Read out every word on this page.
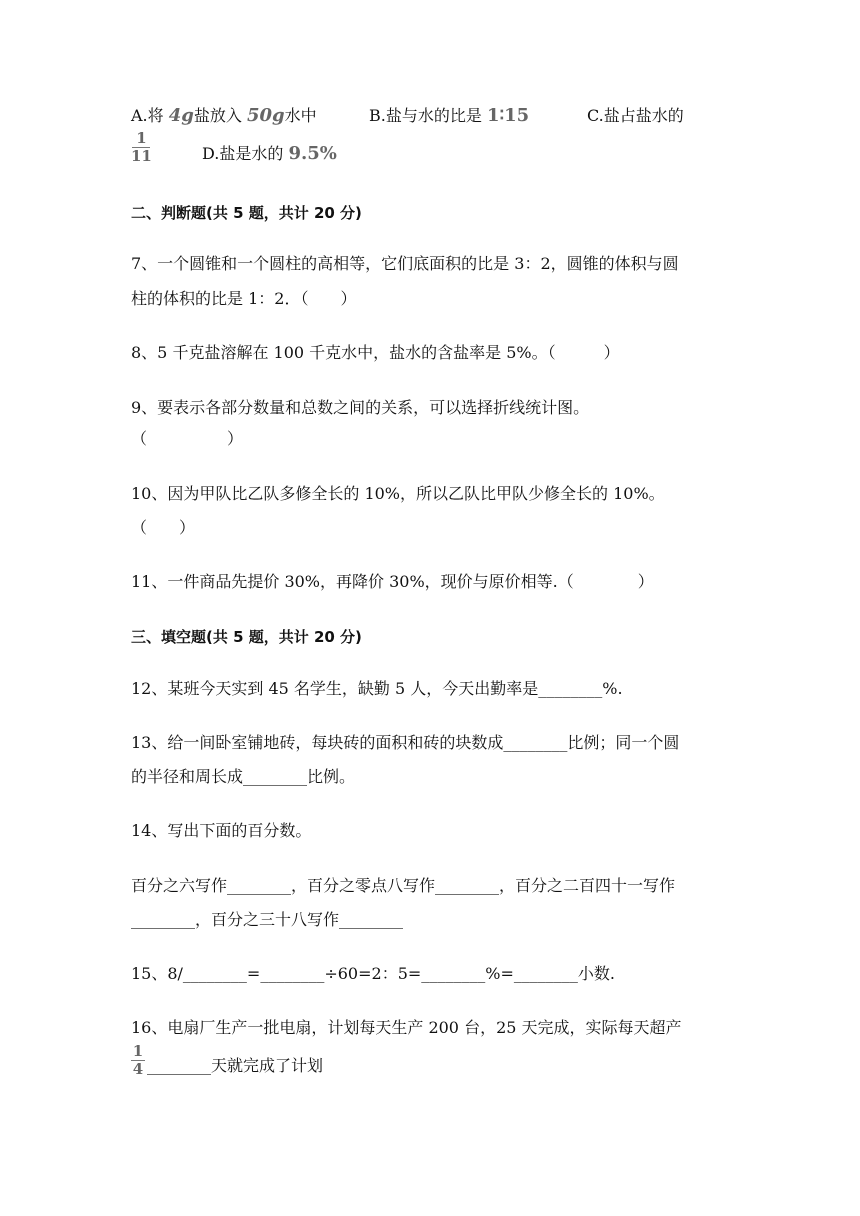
A.将 4g盐放入 50g水中	B.盐与水的比是 1∶15	C.盐占盐水的
1
11	D.盐是水的 9.5%
二、判断题(共 5 题，共计 20 分)
7、一个圆锥和一个圆柱的高相等，它们底面积的比是 3：2，圆锥的体积与圆
柱的体积的比是 1：2．（　　）
8、5 千克盐溶解在 100 千克水中，盐水的含盐率是 5%。（　　　）
9、要表示各部分数量和总数之间的关系，可以选择折线统计图。
（　　　　　）
10、因为甲队比乙队多修全长的 10%，所以乙队比甲队少修全长的 10%。
（　　）
11、一件商品先提价 30%，再降价 30%，现价与原价相等.（　　　　）
三、填空题(共 5 题，共计 20 分)
12、某班今天实到 45 名学生，缺勤 5 人，今天出勤率是________%.
13、给一间卧室铺地砖，每块砖的面积和砖的块数成________比例；同一个圆
的半径和周长成________比例。
14、写出下面的百分数。
百分之六写作________，百分之零点八写作________，百分之二百四十一写作
________，百分之三十八写作________
15、8/________=________÷60=2：5=________%=________小数.
16、电扇厂生产一批电扇，计划每天生产 200 台，25 天完成，实际每天超产
1
4 ________天就完成了计划
